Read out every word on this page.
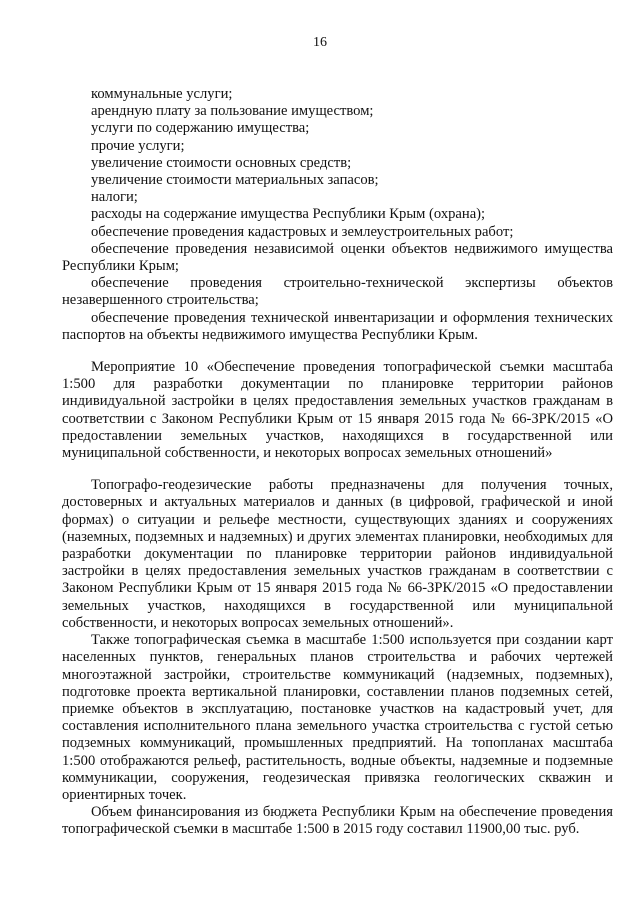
16

коммунальные услуги;

арендную плату за пользование имуществом;

услуги по содержанию имущества;

прочие услуги;

увеличение стоимости основных средств;

увеличение стоимости материальных запасов;

налоги;

расходы на содержание имущества Республики Крым (охрана);

обеспечение проведения кадастровых и землеустроительных работ;

обеспечение проведения независимой оценки объектов недвижимого имущества Республики Крым;

обеспечение проведения строительно-технической экспертизы объектов незавершенного строительства;

обеспечение проведения технической инвентаризации и оформления технических паспортов на объекты недвижимого имущества Республики Крым.

Мероприятие 10 «Обеспечение проведения топографической съемки масштаба 1:500 для разработки документации по планировке территории районов индивидуальной застройки в целях предоставления земельных участков гражданам в соответствии с Законом Республики Крым от 15 января 2015 года № 66-ЗРК/2015 «О предоставлении земельных участков, находящихся в государственной или муниципальной собственности, и некоторых вопросах земельных отношений»

Топографо-геодезические работы предназначены для получения точных, достоверных и актуальных материалов и данных (в цифровой, графической и иной формах) о ситуации и рельефе местности, существующих зданиях и сооружениях (наземных, подземных и надземных) и других элементах планировки, необходимых для разработки документации по планировке территории районов индивидуальной застройки в целях предоставления земельных участков гражданам в соответствии с Законом Республики Крым от 15 января 2015 года № 66-ЗРК/2015 «О предоставлении земельных участков, находящихся в государственной или муниципальной собственности, и некоторых вопросах земельных отношений».

Также топографическая съемка в масштабе 1:500 используется при создании карт населенных пунктов, генеральных планов строительства и рабочих чертежей многоэтажной застройки, строительстве коммуникаций (надземных, подземных), подготовке проекта вертикальной планировки, составлении планов подземных сетей, приемке объектов в эксплуатацию, постановке участков на кадастровый учет, для составления исполнительного плана земельного участка строительства с густой сетью подземных коммуникаций, промышленных предприятий. На топопланах масштаба 1:500 отображаются рельеф, растительность, водные объекты, надземные и подземные коммуникации, сооружения, геодезическая привязка геологических скважин и ориентирных точек.

Объем финансирования из бюджета Республики Крым на обеспечение проведения топографической съемки в масштабе 1:500 в 2015 году составил 11900,00 тыс. руб.
